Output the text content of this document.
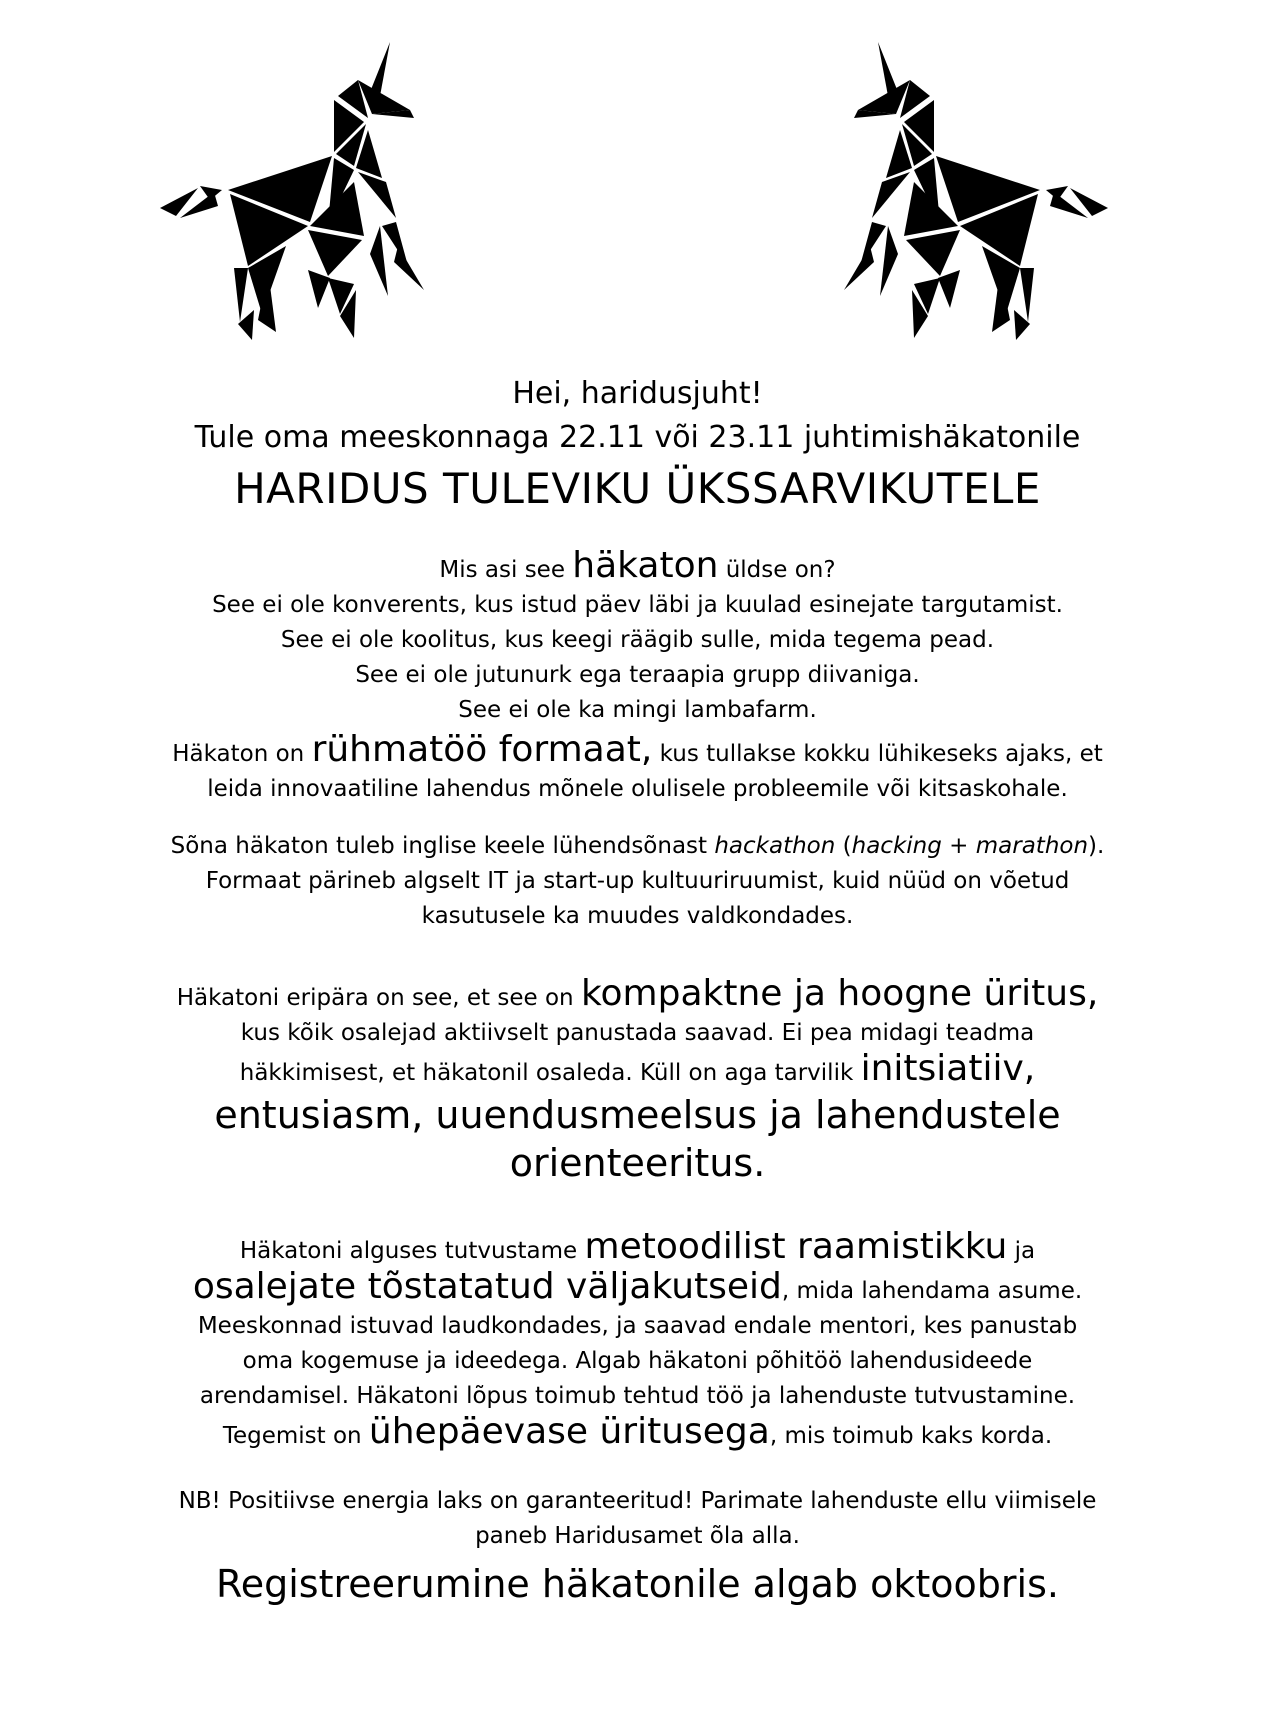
Hei, haridusjuht!
Tule oma meeskonnaga 22.11 või 23.11 juhtimishäkatonile
HARIDUS TULEVIKU ÜKSSARVIKUTELE
Mis asi see häkaton üldse on?
See ei ole konverents, kus istud päev läbi ja kuulad esinejate targutamist.
See ei ole koolitus, kus keegi räägib sulle, mida tegema pead.
See ei ole jutunurk ega teraapia grupp diivaniga.
See ei ole ka mingi lambafarm.
Häkaton on rühmatöö formaat, kus tullakse kokku lühikeseks ajaks, et
leida innovaatiline lahendus mõnele olulisele probleemile või kitsaskohale.
Sõna häkaton tuleb inglise keele lühendsõnast hackathon (hacking + marathon).
Formaat pärineb algselt IT ja start-up kultuuriruumist, kuid nüüd on võetud
kasutusele ka muudes valdkondades.
Häkatoni eripära on see, et see on kompaktne ja hoogne üritus,
kus kõik osalejad aktiivselt panustada saavad. Ei pea midagi teadma
häkkimisest, et häkatonil osaleda. Küll on aga tarvilik initsiatiiv,
entusiasm, uuendusmeelsus ja lahendustele
orienteeritus.
Häkatoni alguses tutvustame metoodilist raamistikku ja
osalejate tõstatatud väljakutseid, mida lahendama asume.
Meeskonnad istuvad laudkondades, ja saavad endale mentori, kes panustab
oma kogemuse ja ideedega. Algab häkatoni põhitöö lahendusideede
arendamisel. Häkatoni lõpus toimub tehtud töö ja lahenduste tutvustamine.
Tegemist on ühepäevase üritusega, mis toimub kaks korda.
NB! Positiivse energia laks on garanteeritud! Parimate lahenduste ellu viimisele
paneb Haridusamet õla alla.
Registreerumine häkatonile algab oktoobris.
